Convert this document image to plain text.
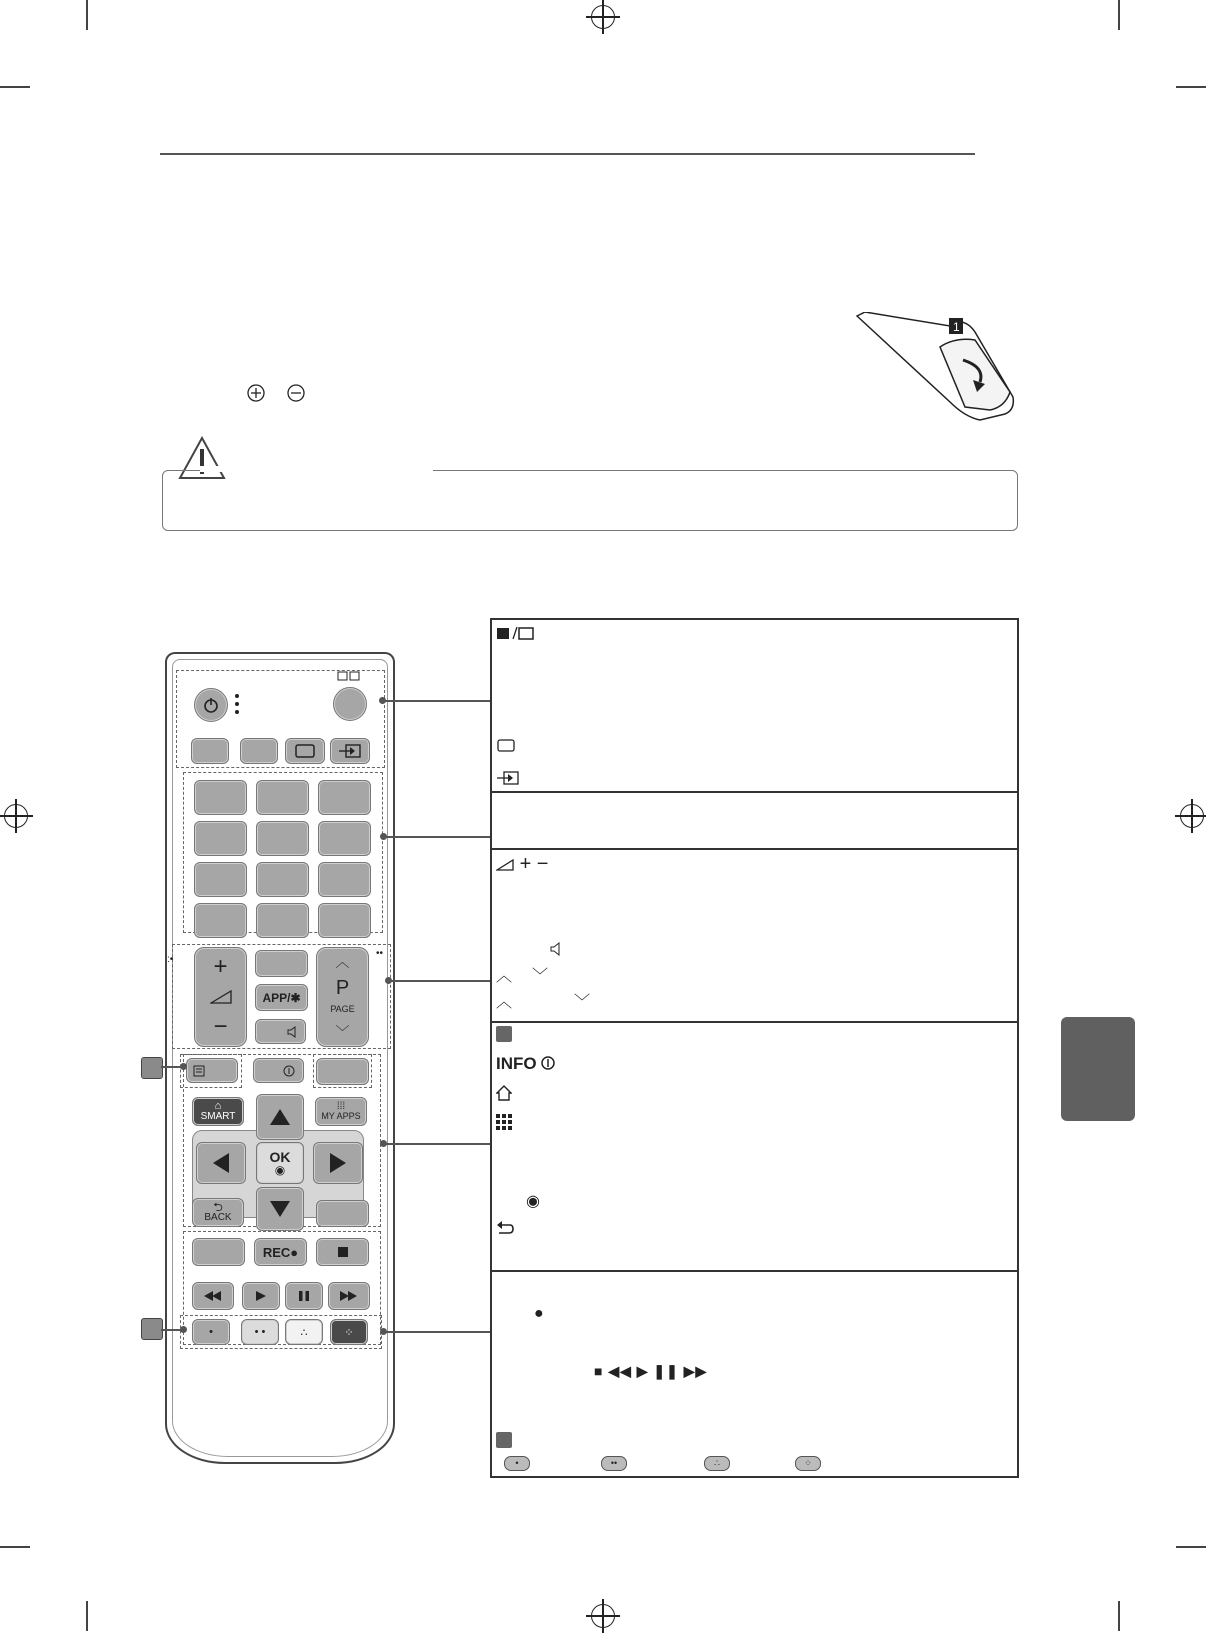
1
+
−
APP/✱
︿
P
PAGE
﹀
:•
••
⌂
SMART
⁞⁞⁞
MY APPS
OK
◉
⮌
BACK
REC●
•	• •	∴	⁘
+ −
︿ ﹀
︿	﹀
INFO
◉
●
■ ◀◀ ▶ ❚❚ ▶▶
•	••	∴	⁘
